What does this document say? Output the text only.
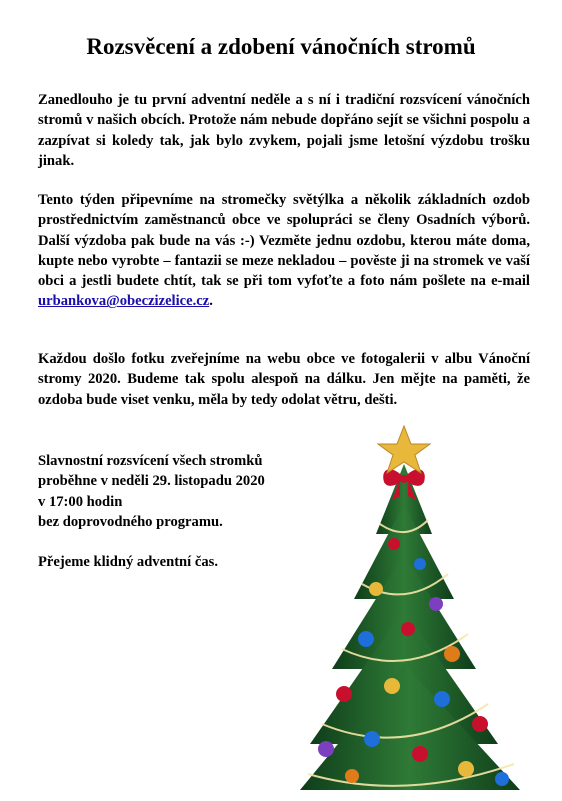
Rozsvěcení a zdobení vánočních stromů

Zanedlouho je tu první adventní neděle a s ní i tradiční rozsvícení vánočních stromů v našich obcích. Protože nám nebude dopřáno sejít se všichni pospolu a zazpívat si koledy tak, jak bylo zvykem, pojali jsme letošní výzdobu trošku jinak.

Tento týden připevníme na stromečky světýlka a několik základních ozdob prostřednictvím zaměstnanců obce ve spolupráci se členy Osadních výborů. Další výzdoba pak bude na vás :-) Vezměte jednu ozdobu, kterou máte doma, kupte nebo vyrobte – fantazii se meze nekladou – pověste ji na stromek ve vaší obci a jestli budete chtít, tak se při tom vyfoťte a foto nám pošlete na e-mail urbankova@obeczizelice.cz.

Každou došlo fotku zveřejníme na webu obce ve fotogalerii v albu Vánoční stromy 2020. Budeme tak spolu alespoň na dálku. Jen mějte na paměti, že ozdoba bude viset venku, měla by tedy odolat větru, dešti.

Slavnostní rozsvícení všech stromků
proběhne v neděli 29. listopadu 2020
v 17:00 hodin
bez doprovodného programu.

Přejeme klidný adventní čas.
